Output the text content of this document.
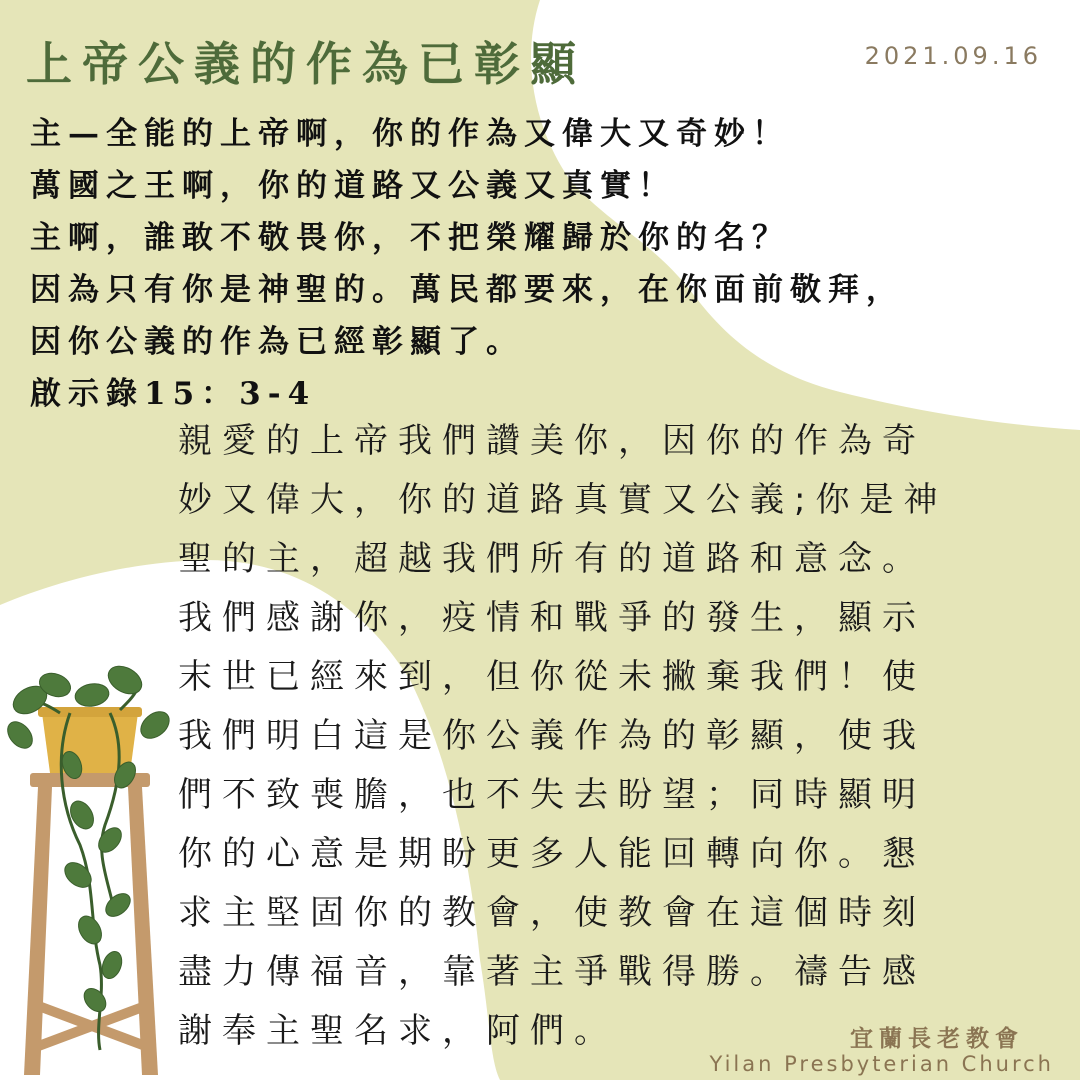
上帝公義的作為已彰顯	2021.09.16
主—全能的上帝啊，你的作為又偉大又奇妙！
萬國之王啊，你的道路又公義又真實！
主啊，誰敢不敬畏你，不把榮耀歸於你的名？
因為只有你是神聖的。萬民都要來，在你面前敬拜，
因你公義的作為已經彰顯了。
啟示錄15：3-4
親愛的上帝我們讚美你，因你的作為奇
妙又偉大，你的道路真實又公義;你是神
聖的主，超越我們所有的道路和意念。
我們感謝你，疫情和戰爭的發生，顯示
末世已經來到，但你從未撇棄我們！使
我們明白這是你公義作為的彰顯，使我
們不致喪膽，也不失去盼望；同時顯明
你的心意是期盼更多人能回轉向你。懇
求主堅固你的教會，使教會在這個時刻
盡力傳福音，靠著主爭戰得勝。禱告感
謝奉主聖名求，阿們。	宜蘭長老教會
Yilan Presbyterian Church
